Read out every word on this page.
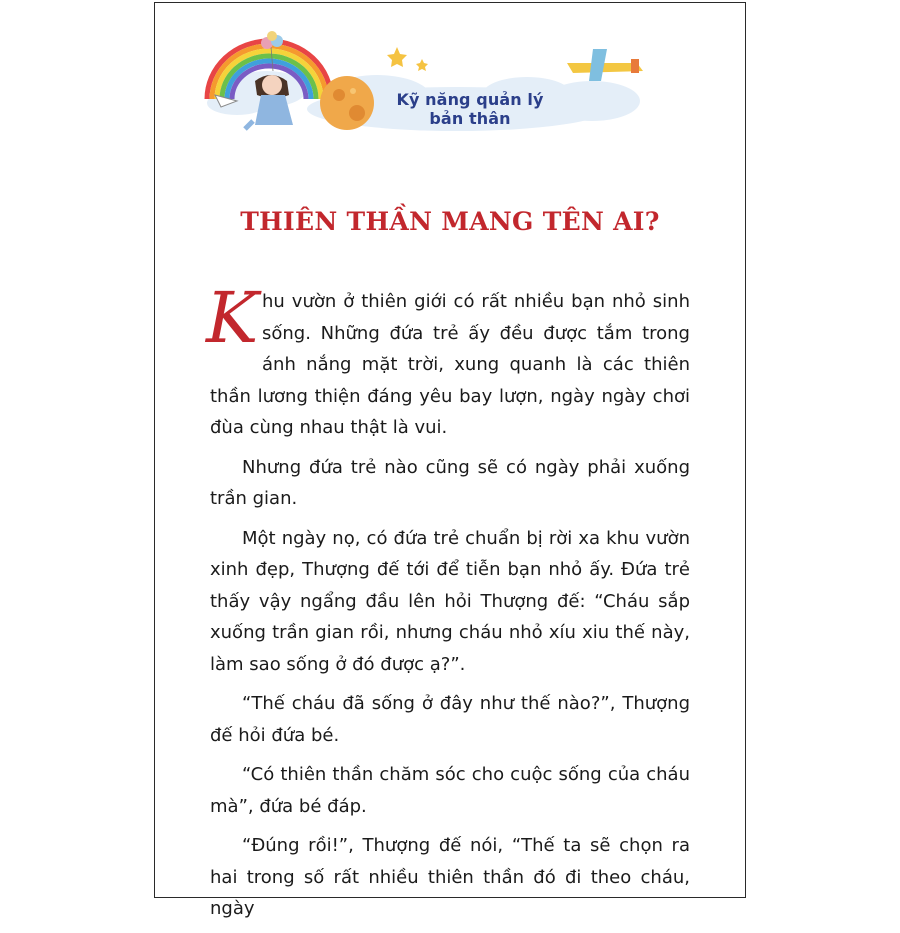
Kỹ năng quản lý bản thân
THIÊN THẦN MANG TÊN AI?

K hu vườn ở thiên giới có rất nhiều bạn nhỏ sinh sống. Những đứa trẻ ấy đều được tắm trong ánh nắng mặt trời, xung quanh là các thiên thần lương thiện đáng yêu bay lượn, ngày ngày chơi đùa cùng nhau thật là vui.

Nhưng đứa trẻ nào cũng sẽ có ngày phải xuống trần gian.

Một ngày nọ, có đứa trẻ chuẩn bị rời xa khu vườn xinh đẹp, Thượng đế tới để tiễn bạn nhỏ ấy. Đứa trẻ thấy vậy ngẩng đầu lên hỏi Thượng đế: “Cháu sắp xuống trần gian rồi, nhưng cháu nhỏ xíu xiu thế này, làm sao sống ở đó được ạ?”.

“Thế cháu đã sống ở đây như thế nào?”, Thượng đế hỏi đứa bé.

“Có thiên thần chăm sóc cho cuộc sống của cháu mà”, đứa bé đáp.

“Đúng rồi!”, Thượng đế nói, “Thế ta sẽ chọn ra hai trong số rất nhiều thiên thần đó đi theo cháu, ngày
